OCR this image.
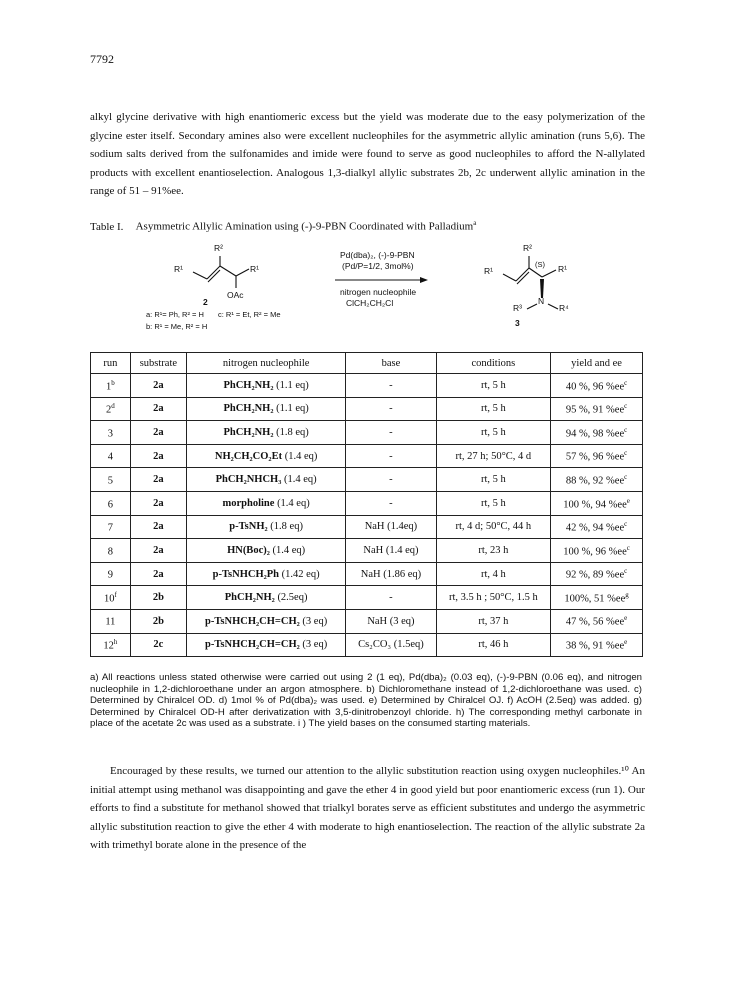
7792

alkyl glycine derivative with high enantiomeric excess but the yield was moderate due to the easy polymerization of the glycine ester itself. Secondary amines also were excellent nucleophiles for the asymmetric allylic amination (runs 5,6). The sodium salts derived from the sulfonamides and imide were found to serve as good nucleophiles to afford the N-allylated products with excellent enantioselection. Analogous 1,3-dialkyl allylic substrates 2b, 2c underwent allylic amination in the range of 51 – 91%ee.

Table I. Asymmetric Allylic Amination using (-)-9-PBN Coordinated with Palladium$^a$
R²
R¹	R¹
OAc
2
Pd(dba)₂, (-)-9-PBN
(Pd/P=1/2, 3mol%)
nitrogen nucleophile
ClCH₂CH₂Cl
R²
R¹
(S) R¹
N
R³	R⁴
3
a: R¹= Ph, R² = H c: R¹ = Et, R² = Me
b: R¹ = Me, R² = H
run	substrate	nitrogen nucleophile	base	conditions	yield and ee
1$^b$	2a	PhCH₂NH₂ (1.1 eq)	-	rt, 5 h	40 %, 96 $\%ee^c$
2$^d$	2a	PhCH₂NH₂ (1.1 eq)	-	rt, 5 h	95 %, 91 $\%ee^c$
3	2a	PhCH₂NH₂ (1.8 eq)	-	rt, 5 h	94 %, 98 $\%ee^c$
4	2a	NH₂CH₂CO₂Et (1.4 eq)	-	rt, 27 h; 50°C, 4 d	57 %, 96 $\%ee^c$
5	2a	PhCH₂NHCH₃ (1.4 eq)	-	rt, 5 h	88 %, 92 $\%ee^c$
6	2a	morpholine (1.4 eq)	-	rt, 5 h	100 %, 94 $\%ee^e$
7	2a	p-TsNH₂ (1.8 eq)	NaH (1.4eq)	rt, 4 d; 50°C, 44 h	42 %, 94 $\%ee^c$
8	2a	HN(Boc)₂ (1.4 eq)	NaH (1.4 eq)	rt, 23 h	100 %, 96 $\%ee^c$
9	2a	p-TsNHCH₂Ph (1.42 eq)	NaH (1.86 eq)	rt, 4 h	92 %, 89 $\%ee^c$
10$^f$	2b	PhCH₂NH₂ (2.5eq)	-	rt, 3.5 h ; 50°C, 1.5 h	100%, 51 $\%ee^g$
11	2b	p-TsNHCH₂CH=CH₂ (3 eq)	NaH (3 eq)	rt, 37 h	47 %, 56 $\%ee^e$
12$^h$	2c	p-TsNHCH₂CH=CH₂ (3 eq)	Cs₂CO₃ (1.5eq)	rt, 46 h	38 %, 91 $\%ee^e$
a) All reactions unless stated otherwise were carried out using 2 (1 eq), Pd(dba)₂ (0.03 eq), (-)-9-PBN (0.06 eq), and nitrogen nucleophile in 1,2-dichloroethane under an argon atmosphere. b) Dichloromethane instead of 1,2-dichloroethane was used. c) Determined by Chiralcel OD. d) 1mol % of Pd(dba)₂ was used. e) Determined by Chiralcel OJ. f) AcOH (2.5eq) was added. g) Determined by Chiralcel OD-H after derivatization with 3,5-dinitrobenzoyl chloride. h) The corresponding methyl carbonate in place of the acetate 2c was used as a substrate. i ) The yield bases on the consumed starting materials.

Encouraged by these results, we turned our attention to the allylic substitution reaction using oxygen nucleophiles.¹⁰ An initial attempt using methanol was disappointing and gave the ether 4 in good yield but poor enantiomeric excess (run 1). Our efforts to find a substitute for methanol showed that trialkyl borates serve as efficient substitutes and undergo the asymmetric allylic substitution reaction to give the ether 4 with moderate to high enantioselection. The reaction of the allylic substrate 2a with trimethyl borate alone in the presence of the
